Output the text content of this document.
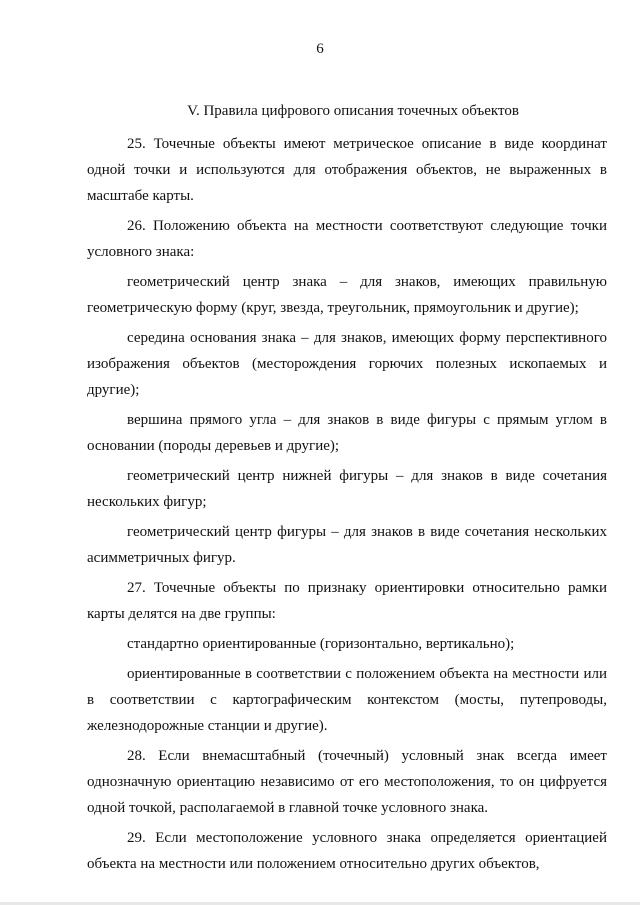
6
V. Правила цифрового описания точечных объектов

25. Точечные объекты имеют метрическое описание в виде координат одной точки и используются для отображения объектов, не выраженных в масштабе карты.

26. Положению объекта на местности соответствуют следующие точки условного знака:

геометрический центр знака – для знаков, имеющих правильную геометрическую форму (круг, звезда, треугольник, прямоугольник и другие);

середина основания знака – для знаков, имеющих форму перспективного изображения объектов (месторождения горючих полезных ископаемых и другие);

вершина прямого угла – для знаков в виде фигуры с прямым углом в основании (породы деревьев и другие);

геометрический центр нижней фигуры – для знаков в виде сочетания нескольких фигур;

геометрический центр фигуры – для знаков в виде сочетания нескольких асимметричных фигур.

27. Точечные объекты по признаку ориентировки относительно рамки карты делятся на две группы:

стандартно ориентированные (горизонтально, вертикально);

ориентированные в соответствии с положением объекта на местности или в соответствии с картографическим контекстом (мосты, путепроводы, железнодорожные станции и другие).

28. Если внемасштабный (точечный) условный знак всегда имеет однозначную ориентацию независимо от его местоположения, то он цифруется одной точкой, располагаемой в главной точке условного знака.

29. Если местоположение условного знака определяется ориентацией объекта на местности или положением относительно других объектов,
